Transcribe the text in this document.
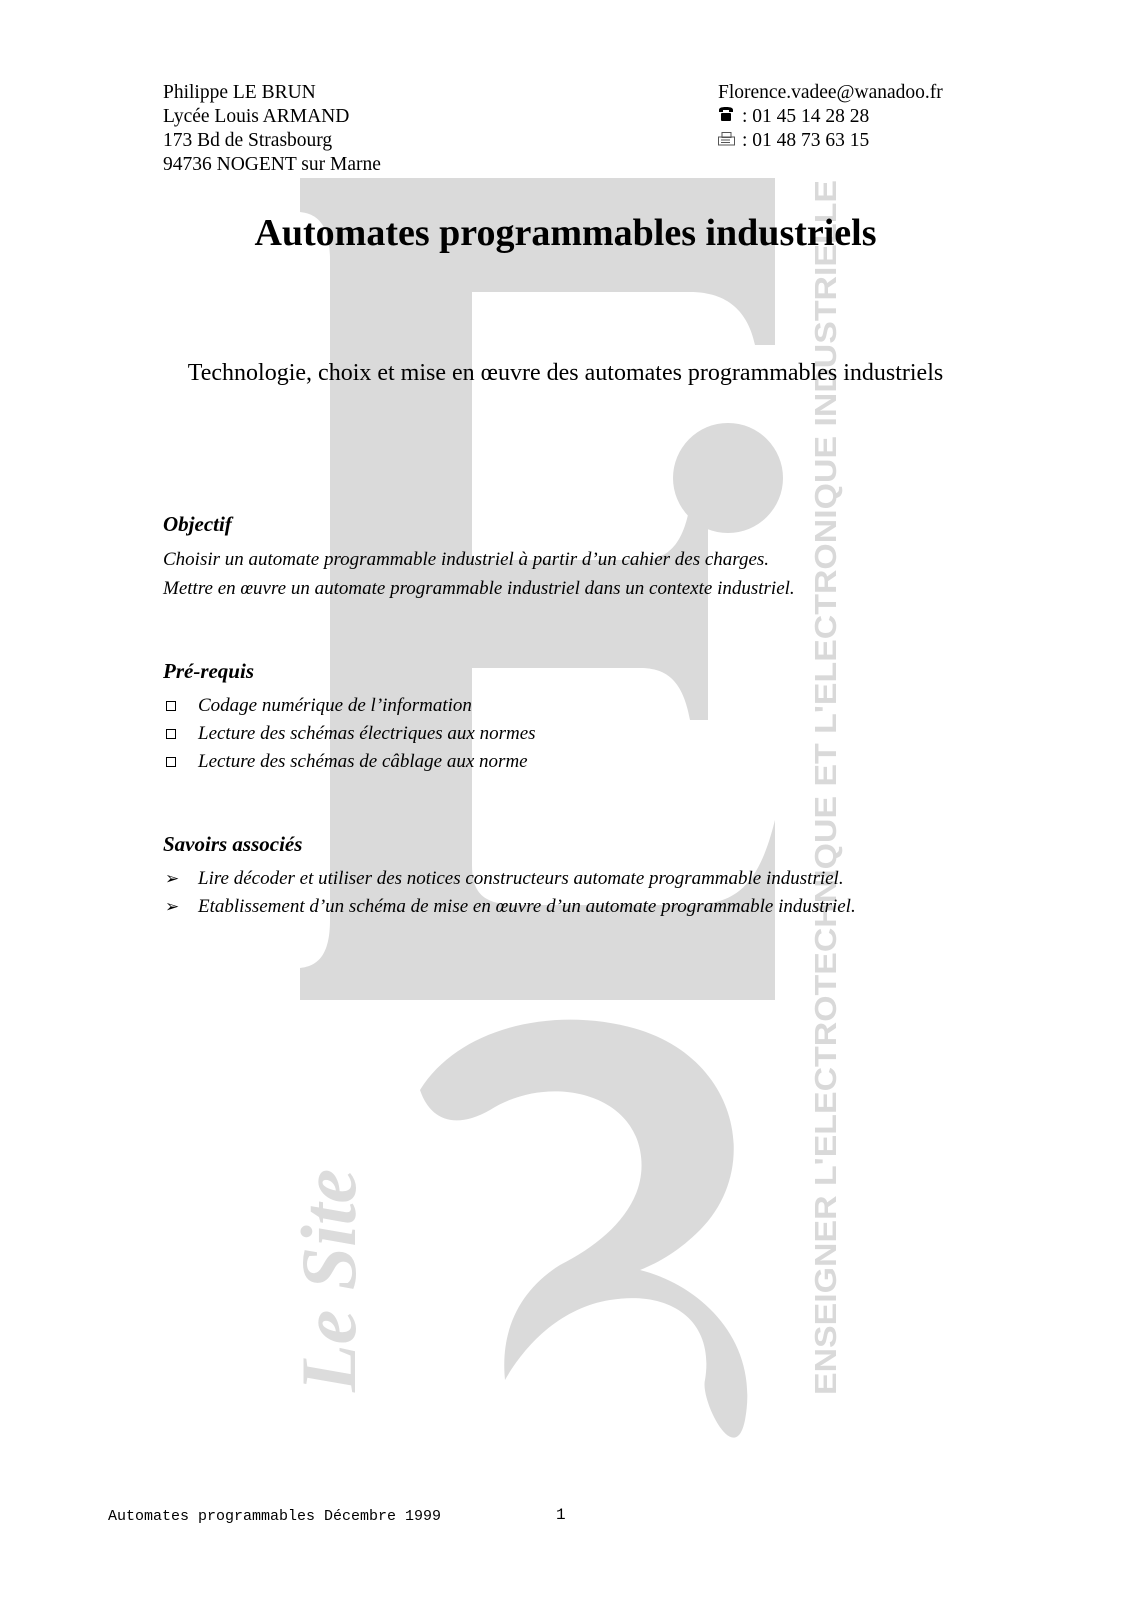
Le Site	ENSEIGNER L'ELECTROTECHNIQUE ET L'ELECTRONIQUE INDUSTRIELLE
Philippe LE BRUN
Lycée Louis ARMAND
173 Bd de Strasbourg
94736 NOGENT sur Marne
Florence.vadee@wanadoo.fr
: 01 45 14 28 28
: 01 48 73 63 15
Automates programmables industriels
Technologie, choix et mise en œuvre des automates programmables industriels
Objectif
Choisir un automate programmable industriel à partir d’un cahier des charges.
Mettre en œuvre un automate programmable industriel dans un contexte industriel.
Pré-requis
Codage numérique de l’information
Lecture des schémas électriques aux normes
Lecture des schémas de câblage aux norme
Savoirs associés
➢ Lire décoder et utiliser des notices constructeurs automate programmable industriel.
➢ Etablissement d’un schéma de mise en œuvre d’un automate programmable industriel.
Automates programmables Décembre 1999	1
